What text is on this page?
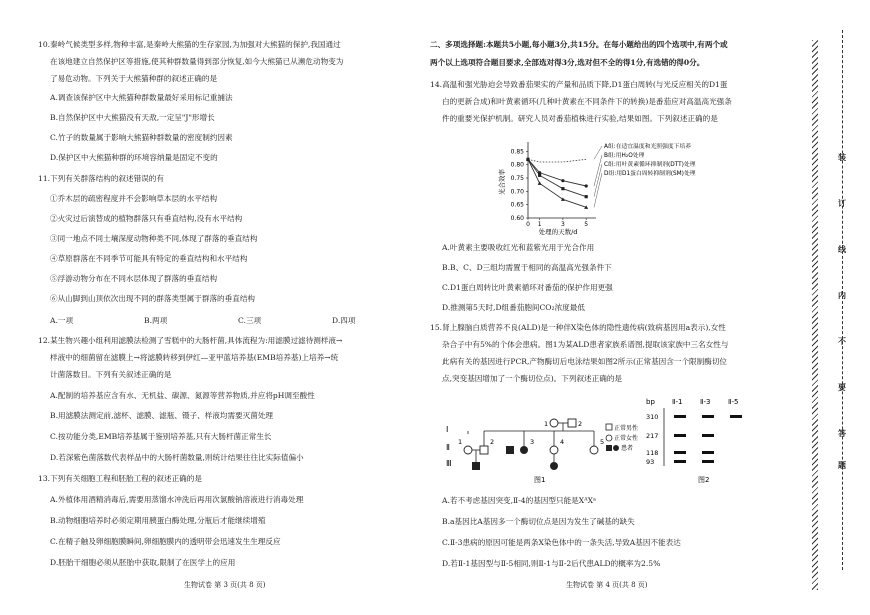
10.秦岭气候类型多样,物种丰富,是秦岭大熊猫的生存家园,为加强对大熊猫的保护,我国通过
在该地建立自然保护区等措施,使其种群数量得到部分恢复,如今大熊猫已从濒危动物变为
了易危动物。下列关于大熊猫种群的叙述正确的是
A.调查该保护区中大熊猫种群数量最好采用标记重捕法
B.自然保护区中大熊猫没有天敌,一定呈"J"形增长
C.竹子的数量属于影响大熊猫种群数量的密度制约因素
D.保护区中大熊猫种群的环境容纳量是固定不变的
11.下列有关群落结构的叙述错误的有
①乔木层的疏密程度并不会影响草本层的水平结构
②火灾过后演替成的植物群落只有垂直结构,没有水平结构
③同一地点不同土壤深度动物种类不同,体现了群落的垂直结构
④草原群落在不同季节可能具有特定的垂直结构和水平结构
⑤浮游动物分布在不同水层体现了群落的垂直结构
⑥从山脚到山顶依次出现不同的群落类型属于群落的垂直结构
A.一项	B.两项	C.三项	D.四项
12.某生物兴趣小组利用滤膜法检测了雪糕中的大肠杆菌,具体流程为:用滤膜过滤待测样液→
样液中的细菌留在滤膜上→将滤膜转移到伊红—亚甲蓝培养基(EMB培养基)上培养→统
计菌落数目。下列有关叙述正确的是
A.配制的培养基应含有水、无机盐、碳源、氮源等营养物质,并应将pH调至酸性
B.用滤膜法测定前,滤杯、滤膜、滤瓶、镊子、样液均需要灭菌处理
C.按功能分类,EMB培养基属于鉴别培养基,只有大肠杆菌正常生长
D.若深紫色菌落数代表样品中的大肠杆菌数量,则统计结果往往比实际值偏小
13.下列有关细胞工程和胚胎工程的叙述正确的是
A.外植体用酒精消毒后,需要用蒸馏水冲洗后再用次氯酸钠溶液进行消毒处理
B.动物细胞培养时必须定期用胰蛋白酶处理,分瓶后才能继续增殖
C.在精子触及卵细胞膜瞬间,卵细胞膜内的透明带会迅速发生生理反应
D.胚胎干细胞必须从胚胎中获取,限制了在医学上的应用
生物试卷 第 3 页(共 8 页)
二、多项选择题:本题共5小题,每小题3分,共15分。在每小题给出的四个选项中,有两个或
两个以上选项符合题目要求,全部选对得3分,选对但不全的得1分,有选错的得0分。
14.高温和强光胁迫会导致番茄果实的产量和品质下降,D1蛋白周转(与光反应相关的D1蛋
白的更新合成)和叶黄素循环(几种叶黄素在不同条件下的转换)是番茄应对高温高光强条
件的重要光保护机制。研究人员对番茄植株进行实验,结果如图。下列叙述正确的是
0.85
0.80
0.75
0.70
0.65
0.60
0 1	3	5
处理的天数/d
光合效率
A组:在适宜温度和光照强度下培养
B组:用H₂O处理
C组:用叶黄素循环抑制剂(DTT)处理
D组:用D1蛋白周转抑制剂(SM)处理
A.叶黄素主要吸收红光和蓝紫光用于光合作用
B.B、C、D三组均需置于相同的高温高光强条件下
C.D1蛋白周转比叶黄素循环对番茄的保护作用更强
D.推测第5天时,D组番茄胞间CO₂浓度最低
15.肾上腺脑白质营养不良(ALD)是一种伴X染色体的隐性遗传病(致病基因用a表示),女性
杂合子中有5%的个体会患病。图1为某ALD患者家族系谱图,提取该家族中三名女性与
此病有关的基因进行PCR,产物酶切后电泳结果如图2所示(正常基因含一个限制酶切位
点,突变基因增加了一个酶切位点)。下列叙述正确的是
Ⅰ
Ⅱ
Ⅲ
1	2
1	2	3	4	5
正常男性
正常女性
患者
图1
bp Ⅱ-1	Ⅱ-3	Ⅱ-5
310
217
118
93
图2
A.若不考虑基因突变,Ⅱ-4的基因型只能是XᴬXᵃ
B.a基因比A基因多一个酶切位点是因为发生了碱基的缺失
C.Ⅱ-3患病的原因可能是两条X染色体中的一条失活,导致A基因不能表达
D.若Ⅱ-1基因型与Ⅱ-5相同,则Ⅱ-1与Ⅱ-2后代患ALD的概率为2.5%
生物试卷 第 4 页(共 8 页)
装
订
线
内
不
要
答
题
